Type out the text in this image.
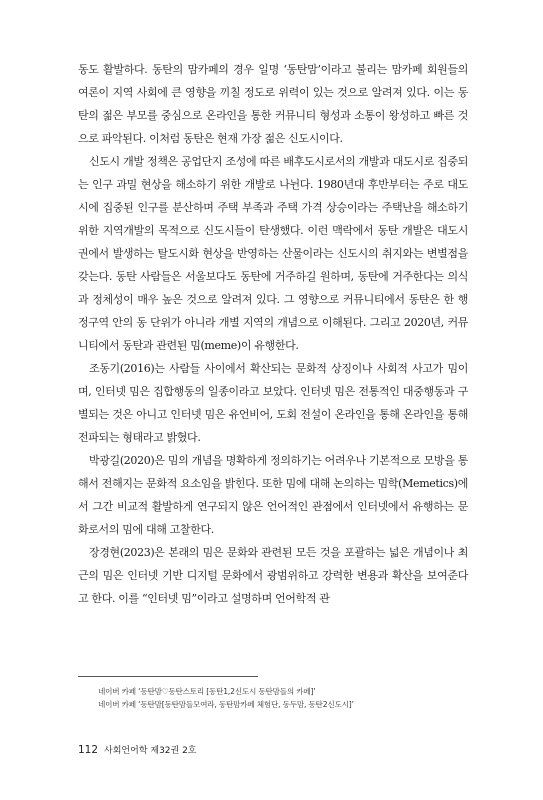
동도 활발하다. 동탄의 맘카페의 경우 일명 ‘동탄맘’이라고 불리는 맘카페 회원들의 여론이 지역 사회에 큰 영향을 끼칠 정도로 위력이 있는 것으로 알려져 있다. 이는 동탄의 젊은 부모를 중심으로 온라인을 통한 커뮤니티 형성과 소통이 왕성하고 빠른 것으로 파악된다. 이처럼 동탄은 현재 가장 젊은 신도시이다.

신도시 개발 정책은 공업단지 조성에 따른 배후도시로서의 개발과 대도시로 집중되는 인구 과밀 현상을 해소하기 위한 개발로 나뉜다. 1980년대 후반부터는 주로 대도시에 집중된 인구를 분산하며 주택 부족과 주택 가격 상승이라는 주택난을 해소하기 위한 지역개발의 목적으로 신도시들이 탄생했다. 이런 맥락에서 동탄 개발은 대도시권에서 발생하는 탈도시화 현상을 반영하는 산물이라는 신도시의 취지와는 변별점을 갖는다. 동탄 사람들은 서울보다도 동탄에 거주하길 원하며, 동탄에 거주한다는 의식과 정체성이 매우 높은 것으로 알려져 있다. 그 영향으로 커뮤니티에서 동탄은 한 행정구역 안의 동 단위가 아니라 개별 지역의 개념으로 이해된다. 그리고 2020년, 커뮤니티에서 동탄과 관련된 밈(meme)이 유행한다.

조동기(2016)는 사람들 사이에서 확산되는 문화적 상징이나 사회적 사고가 밈이며, 인터넷 밈은 집합행동의 일종이라고 보았다. 인터넷 밈은 전통적인 대중행동과 구별되는 것은 아니고 인터넷 밈은 유언비어, 도회 전설이 온라인을 통해 온라인을 통해 전파되는 형태라고 밝혔다.

박광길(2020)은 밈의 개념을 명확하게 정의하기는 어려우나 기본적으로 모방을 통해서 전해지는 문화적 요소임을 밝힌다. 또한 밈에 대해 논의하는 밈학(Memetics)에서 그간 비교적 활발하게 연구되지 않은 언어적인 관점에서 인터넷에서 유행하는 문화로서의 밈에 대해 고찰한다.

장경현(2023)은 본래의 밈은 문화와 관련된 모든 것을 포괄하는 넓은 개념이나 최근의 밈은 인터넷 기반 디지털 문화에서 광범위하고 강력한 변용과 확산을 보여준다고 한다. 이를 “인터넷 밈”이라고 설명하며 언어학적 관

네이버 카페 ‘동탄맘♡동탄스토리 [동탄1,2신도시 동탄맘들의 카페]’
네이버 카페 ‘동탄맘[동탄맘들모여라, 동탄맘카페 체험단, 동두맘, 동탄2신도시]’
112 사회언어학 제32권 2호
